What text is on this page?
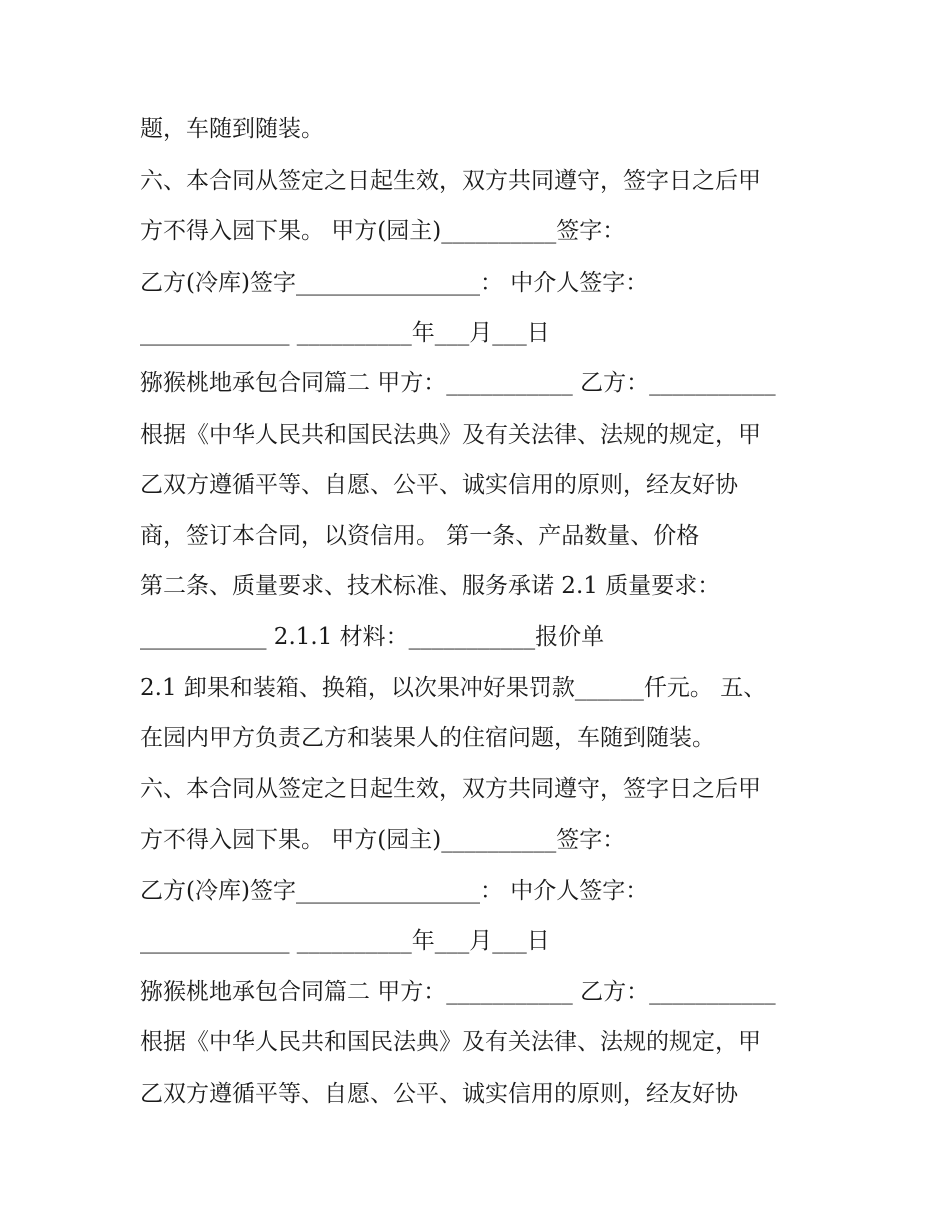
题，车随到随装。
六、本合同从签定之日起生效，双方共同遵守，签字日之后甲
方不得入园下果。 甲方(园主)__________签字：
乙方(冷库)签字________________： 中介人签字：
_____________ __________年___月___日
猕猴桃地承包合同篇二 甲方：___________ 乙方：___________
根据《中华人民共和国民法典》及有关法律、法规的规定，甲
乙双方遵循平等、自愿、公平、诚实信用的原则，经友好协
商，签订本合同，以资信用。 第一条、产品数量、价格
第二条、质量要求、技术标准、服务承诺 2.1 质量要求：
___________ 2.1.1 材料：___________报价单
2.1 卸果和装箱、换箱，以次果冲好果罚款______仟元。 五、
在园内甲方负责乙方和装果人的住宿问题，车随到随装。
六、本合同从签定之日起生效，双方共同遵守，签字日之后甲
方不得入园下果。 甲方(园主)__________签字：
乙方(冷库)签字________________： 中介人签字：
_____________ __________年___月___日
猕猴桃地承包合同篇二 甲方：___________ 乙方：___________
根据《中华人民共和国民法典》及有关法律、法规的规定，甲
乙双方遵循平等、自愿、公平、诚实信用的原则，经友好协
